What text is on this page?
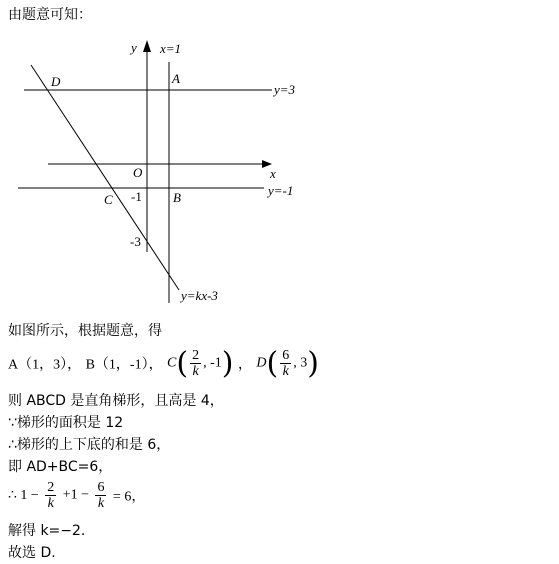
由题意可知：
y x=1
A
D
y=3
O	x
y=-1
-1 B
C
-3
y=kx-3
如图所示，根据题意，得
A（1，3）， B（1，-1）， $C( \frac{2}{k}$ , -1) ， $D( \frac{6}{k}$ , 3)
则 ABCD 是直角梯形，且高是 4，
∵梯形的面积是 12
∴梯形的上下底的和是 6，
即 AD+BC=6，
∴ $1 - \frac{2}{k} +1 - \frac{6}{k} = 6$，
解得 k=−2.
故选 D.
